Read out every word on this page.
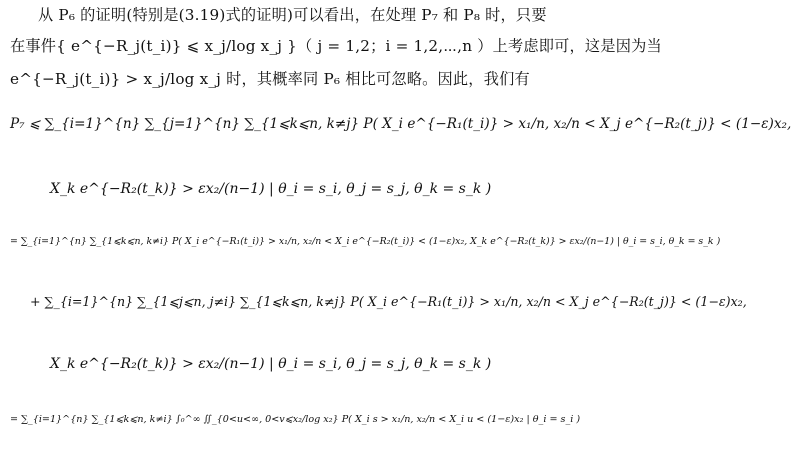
从 P₆ 的证明(特别是(3.19)式的证明)可以看出，在处理 P₇ 和 P₈ 时，只要
在事件{ e^{−R_j(t_i)} ⩽ x_j/log x_j }（ j = 1,2；i = 1,2,⋯,n ）上考虑即可，这是因为当
e^{−R_j(t_i)} > x_j/log x_j 时，其概率同 P₆ 相比可忽略。因此，我们有
P₇ ⩽ ∑_{i=1}^{n} ∑_{j=1}^{n} ∑_{1⩽k⩽n, k≠j} P( X_i e^{−R₁(t_i)} > x₁/n, x₂/n < X_j e^{−R₂(t_j)} < (1−ε)x₂,
X_k e^{−R₂(t_k)} > εx₂/(n−1) | θ_i = s_i, θ_j = s_j, θ_k = s_k )
= ∑_{i=1}^{n} ∑_{1⩽k⩽n, k≠i} P( X_i e^{−R₁(t_i)} > x₁/n, x₂/n < X_i e^{−R₂(t_i)} < (1−ε)x₂, X_k e^{−R₂(t_k)} > εx₂/(n−1) | θ_i = s_i, θ_k = s_k )
+ ∑_{i=1}^{n} ∑_{1⩽j⩽n, j≠i} ∑_{1⩽k⩽n, k≠j} P( X_i e^{−R₁(t_i)} > x₁/n, x₂/n < X_j e^{−R₂(t_j)} < (1−ε)x₂,
X_k e^{−R₂(t_k)} > εx₂/(n−1) | θ_i = s_i, θ_j = s_j, θ_k = s_k )
= ∑_{i=1}^{n} ∑_{1⩽k⩽n, k≠i} ∫₀^∞ ∬_{0<u<∞, 0<v⩽x₂/log x₂} P( X_i s > x₁/n, x₂/n < X_i u < (1−ε)x₂ | θ_i = s_i )
